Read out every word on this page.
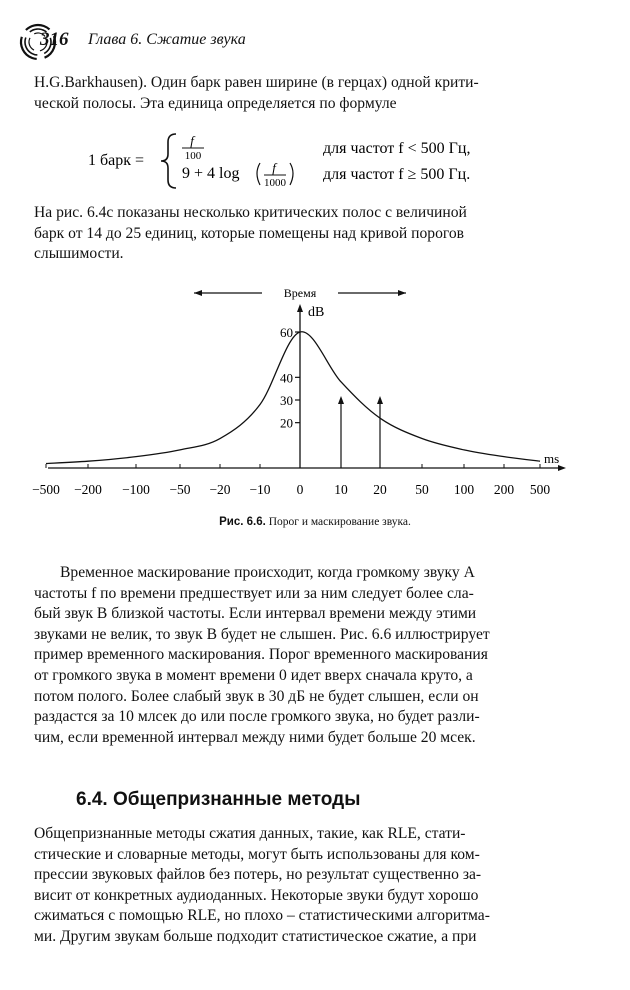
316 Глава 6. Сжатие звука
H.G.Barkhausen). Один барк равен ширине (в герцах) одной крити-
ческой полосы. Эта единица определяется по формуле
1 барк =
f
100	для частот f < 500 Гц,
9 + 4 log	f
1000 для частот f ≥ 500 Гц.
На рис. 6.4c показаны несколько критических полос с величиной
барк от 14 до 25 единиц, которые помещены над кривой порогов
слышимости.
Время
dB
ms
20
30
40
60
−500 −200 −100 −50 −20 −10 0 10 20 50 100 200 500
Рис. 6.6. Порог и маскирование звука.
Временное маскирование происходит, когда громкому звуку A
частоты f по времени предшествует или за ним следует более сла-
бый звук B близкой частоты. Если интервал времени между этими
звуками не велик, то звук B будет не слышен. Рис. 6.6 иллюстрирует
пример временного маскирования. Порог временного маскирования
от громкого звука в момент времени 0 идет вверх сначала круто, а
потом полого. Более слабый звук в 30 дБ не будет слышен, если он
раздастся за 10 млсек до или после громкого звука, но будет разли-
чим, если временной интервал между ними будет больше 20 мсек.
6.4. Общепризнанные методы
Общепризнанные методы сжатия данных, такие, как RLE, стати-
стические и словарные методы, могут быть использованы для ком-
прессии звуковых файлов без потерь, но результат существенно за-
висит от конкретных аудиоданных. Некоторые звуки будут хорошо
сжиматься с помощью RLE, но плохо – статистическими алгоритма-
ми. Другим звукам больше подходит статистическое сжатие, а при
